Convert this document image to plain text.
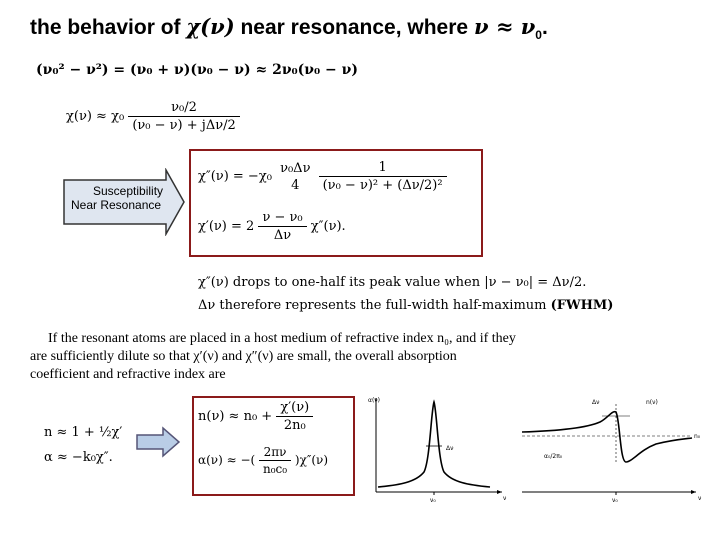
the behavior of χ(ν) near resonance, where $\nu \approx \nu_0$.
(ν₀² − ν²) = (ν₀ + ν)(ν₀ − ν) ≈ 2ν₀(ν₀ − ν)
$\chi(\nu) \approx \chi_0 \frac{\text{ν₀/2}}{\text{(ν₀ − ν) + jΔν/2}}$
Susceptibility
Near Resonance
χ″(ν) = −χ₀
ν₀Δν
4
	$\frac{1}{\text{(ν₀ − ν)² + (Δν/2)²}}$
$\chi'(\nu) = 2 \frac{\text{ν − ν₀}}{\Delta\nu} \chi''(\nu)$.
χ″(ν) drops to one-half its peak value when |ν − ν₀| = Δν/2.
Δν therefore represents the full-width half-maximum (FWHM)
If the resonant atoms are placed in a host medium of refractive index n₀, and if they
are sufficiently dilute so that χ′(ν) and χ″(ν) are small, the overall absorption
coefficient and refractive index are
n ≈ 1 + ½χ′
α ≈ −k₀χ″.
$n(\nu) \approx n_0 + \frac{\chi'(\nu)}{\text{2n₀}}$
α(ν) ≈ −( $\frac{2\pi\nu}{\text{n₀c₀}} )\chi''(\nu)$
Δν
α(ν)
ν₀	ν
Δν	n(ν)
n₀
α₀/2π₀
ν₀	ν
